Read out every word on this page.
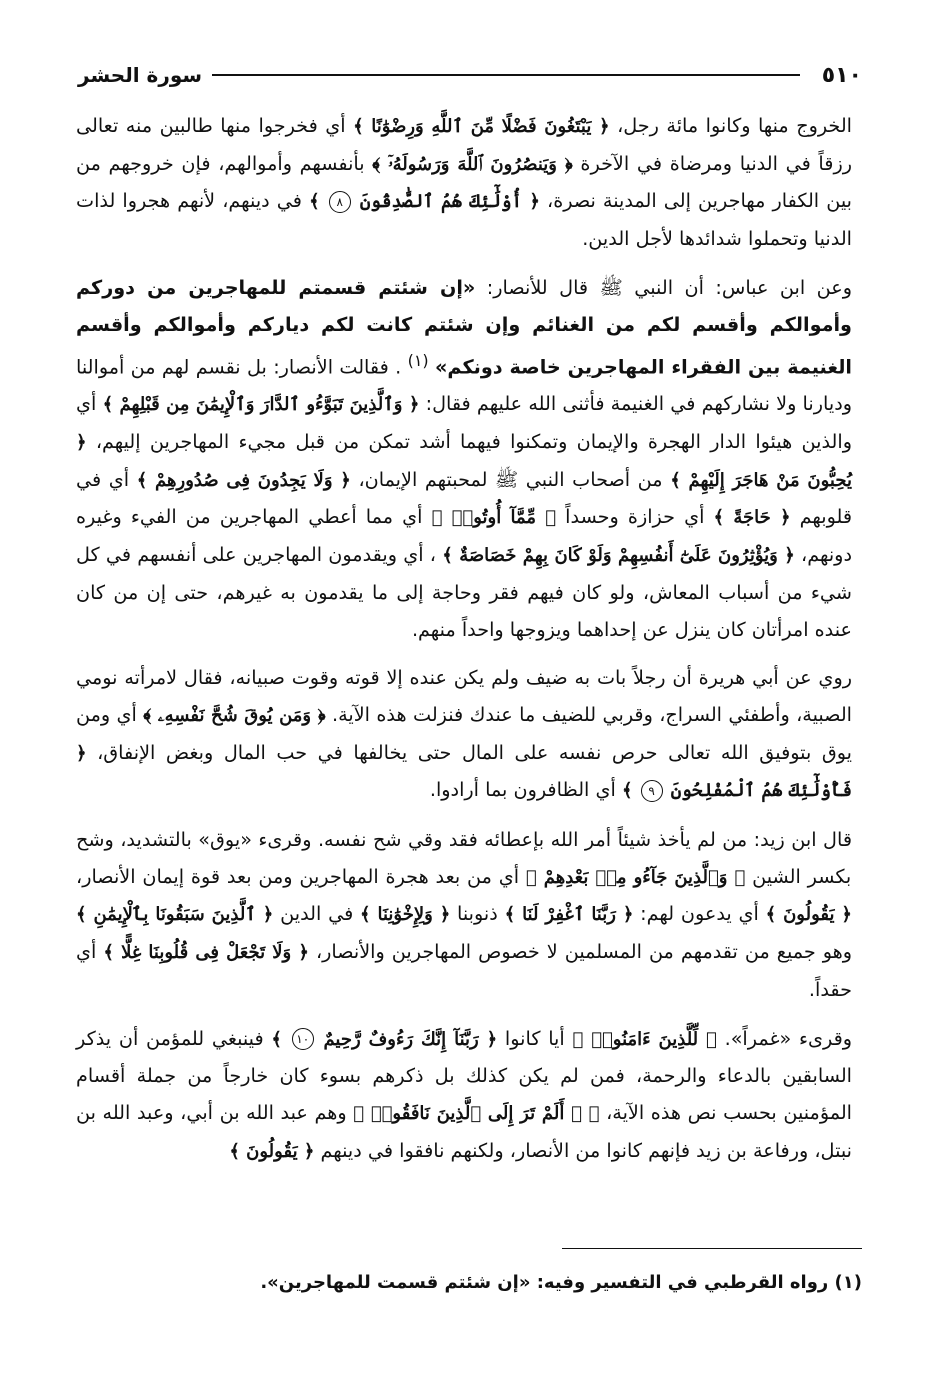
٥١٠
سورة الحشر

الخروج منها وكانوا مائة رجل، ﴿ يَبْتَغُونَ فَضْلًا مِّنَ ٱللَّهِ وَرِضْوَٰنًا ﴾ أي فخرجوا منها طالبين منه تعالى رزقاً في الدنيا ومرضاة في الآخرة ﴿ وَيَنصُرُونَ ٱللَّهَ وَرَسُولَهُۥٓ ﴾ بأنفسهم وأموالهم، فإن خروجهم من بين الكفار مهاجرين إلى المدينة نصرة، ﴿ أُوْلَٰٓئِكَ هُمُ ٱلصَّٰدِقُونَ ٨ ﴾ في دينهم، لأنهم هجروا لذات الدنيا وتحملوا شدائدها لأجل الدين.

وعن ابن عباس: أن النبي ﷺ قال للأنصار: «إن شئتم قسمتم للمهاجرين من دوركم وأموالكم وأقسم لكم من الغنائم وإن شئتم كانت لكم دياركم وأموالكم وأقسم الغنيمة بين الفقراء المهاجرين خاصة دونكم» $^{(١)}$ . فقالت الأنصار: بل نقسم لهم من أموالنا وديارنا ولا نشاركهم في الغنيمة فأثنى الله عليهم فقال: ﴿ وَٱلَّذِينَ تَبَوَّءُو ٱلدَّارَ وَٱلْإِيمَٰنَ مِن قَبْلِهِمْ ﴾ أي والذين هيئوا الدار الهجرة والإيمان وتمكنوا فيهما أشد تمكن من قبل مجيء المهاجرين إليهم، ﴿ يُحِبُّونَ مَنْ هَاجَرَ إِلَيْهِمْ ﴾ من أصحاب النبي ﷺ لمحبتهم الإيمان، ﴿ وَلَا يَجِدُونَ فِى صُدُورِهِمْ ﴾ أي في قلوبهم ﴿ حَاجَةً ﴾ أي حزازة وحسداً ﴿ مِّمَّآ أُوتُوا۟ ﴾ أي مما أعطي المهاجرين من الفيء وغيره دونهم، ﴿ وَيُؤْثِرُونَ عَلَىٰٓ أَنفُسِهِمْ وَلَوْ كَانَ بِهِمْ خَصَاصَةٌ ﴾ ، أي ويقدمون المهاجرين على أنفسهم في كل شيء من أسباب المعاش، ولو كان فيهم فقر وحاجة إلى ما يقدمون به غيرهم، حتى إن من كان عنده امرأتان كان ينزل عن إحداهما ويزوجها واحداً منهم.

روي عن أبي هريرة أن رجلاً بات به ضيف ولم يكن عنده إلا قوته وقوت صبيانه، فقال لامرأته نومي الصبية، وأطفئي السراج، وقربي للضيف ما عندك فنزلت هذه الآية. ﴿ وَمَن يُوقَ شُحَّ نَفْسِهِۦ ﴾ أي ومن يوق بتوفيق الله تعالى حرص نفسه على المال حتى يخالفها في حب المال وبغض الإنفاق، ﴿ فَأُوْلَٰٓئِكَ هُمُ ٱلْمُفْلِحُونَ ٩ ﴾ أي الظافرون بما أرادوا.

قال ابن زيد: من لم يأخذ شيئاً أمر الله بإعطائه فقد وقي شح نفسه. وقرىء «يوق» بالتشديد، وشح بكسر الشين ﴿ وَٱلَّذِينَ جَآءُو مِنۢ بَعْدِهِمْ ﴾ أي من بعد هجرة المهاجرين ومن بعد قوة إيمان الأنصار، ﴿ يَقُولُونَ ﴾ أي يدعون لهم: ﴿ رَبَّنَا ٱغْفِرْ لَنَا ﴾ ذنوبنا ﴿ وَلِإِخْوَٰنِنَا ﴾ في الدين ﴿ ٱلَّذِينَ سَبَقُونَا بِٱلْإِيمَٰنِ ﴾ وهو جميع من تقدمهم من المسلمين لا خصوص المهاجرين والأنصار، ﴿ وَلَا تَجْعَلْ فِى قُلُوبِنَا غِلًّا ﴾ أي حقداً.

وقرىء «غمراً». ﴿ لِّلَّذِينَ ءَامَنُوا۟ ﴾ أيا كانوا ﴿ رَبَّنَآ إِنَّكَ رَءُوفٌ رَّحِيمٌ ١٠ ﴾ فينبغي للمؤمن أن يذكر السابقين بالدعاء والرحمة، فمن لم يكن كذلك بل ذكرهم بسوء كان خارجاً من جملة أقسام المؤمنين بحسب نص هذه الآية، ﴿ ۞ أَلَمْ تَرَ إِلَى ٱلَّذِينَ نَافَقُوا۟ ﴾ وهم عبد الله بن أبي، وعبد الله بن نبتل، ورفاعة بن زيد فإنهم كانوا من الأنصار، ولكنهم نافقوا في دينهم ﴿ يَقُولُونَ ﴾

(١) رواه القرطبي في التفسير وفيه: «إن شئتم قسمت للمهاجرين».
